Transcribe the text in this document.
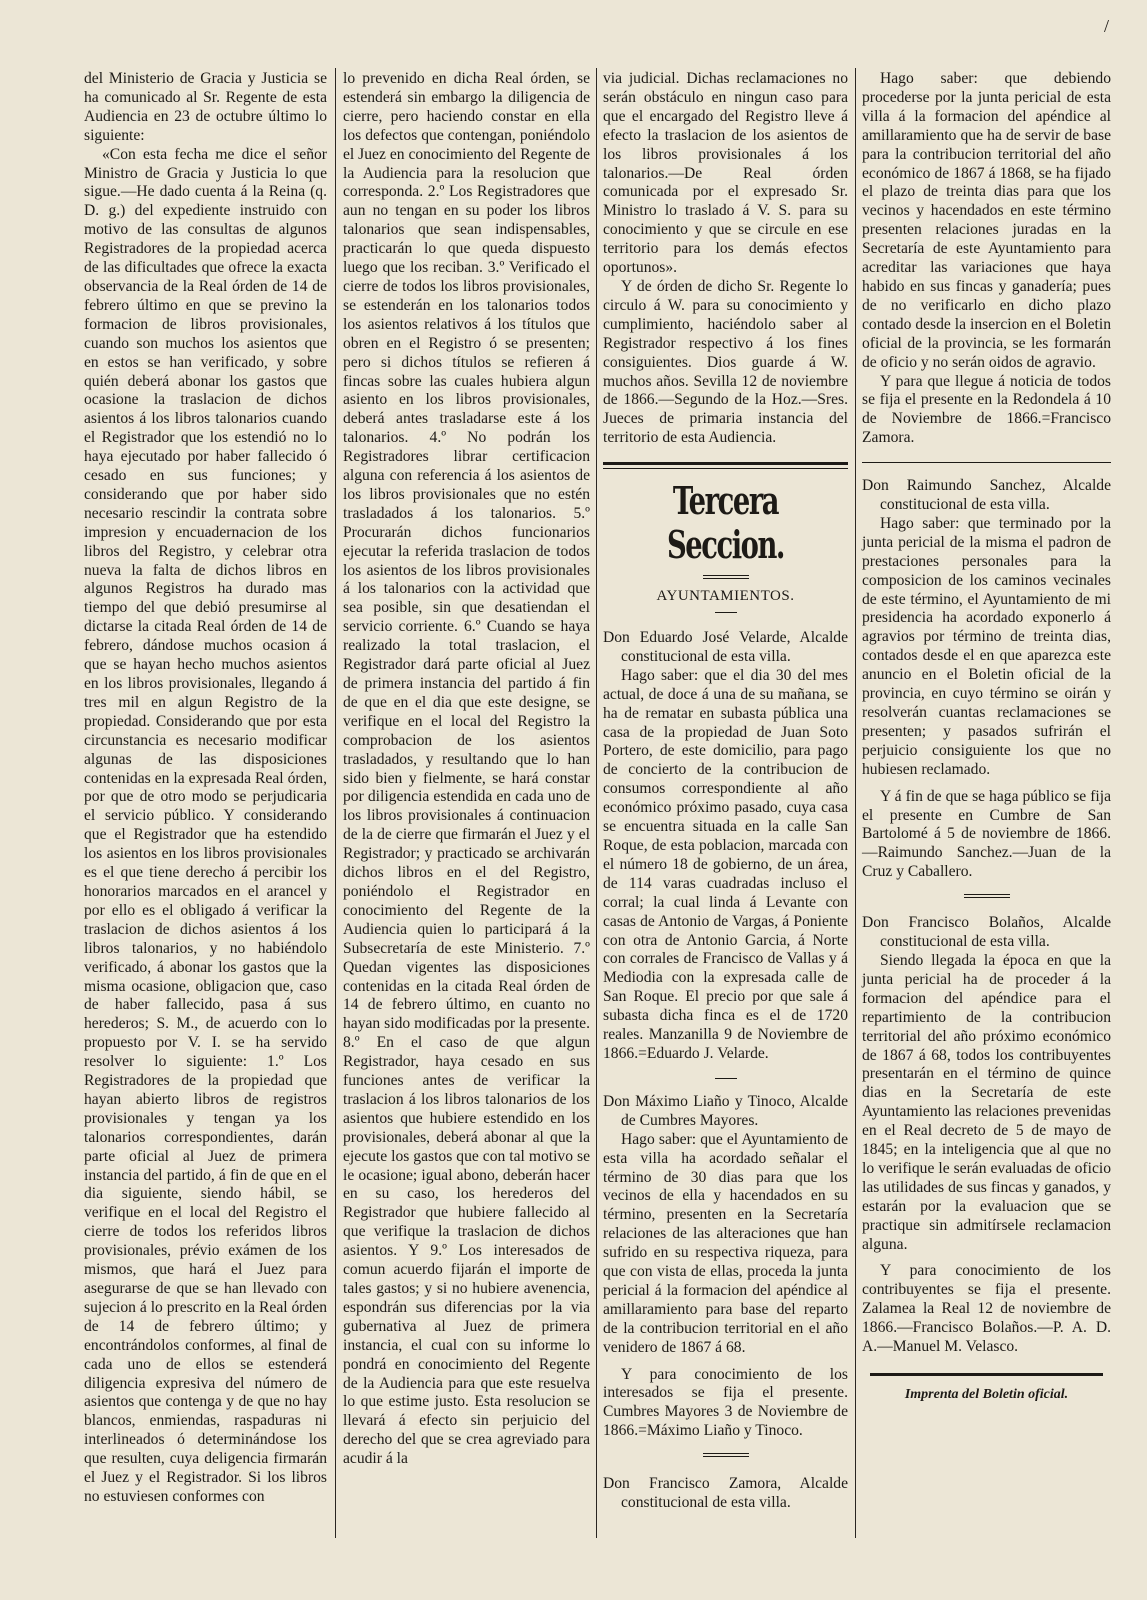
/

del Ministerio de Gracia y Justicia se ha comunicado al Sr. Regente de esta Audiencia en 23 de octubre último lo siguiente:

«Con esta fecha me dice el señor Ministro de Gracia y Justicia lo que sigue.—He dado cuenta á la Reina (q. D. g.) del expediente instruido con motivo de las consultas de algunos Registradores de la propiedad acerca de las dificultades que ofrece la exacta observancia de la Real órden de 14 de febrero último en que se previno la formacion de libros provisionales, cuando son muchos los asientos que en estos se han verificado, y sobre quién deberá abonar los gastos que ocasione la traslacion de dichos asientos á los libros talonarios cuando el Registrador que los estendió no lo haya ejecutado por haber fallecido ó cesado en sus funciones; y considerando que por haber sido necesario rescindir la contrata sobre impresion y encuadernacion de los libros del Registro, y celebrar otra nueva la falta de dichos libros en algunos Registros ha durado mas tiempo del que debió presumirse al dictarse la citada Real órden de 14 de febrero, dándose muchos ocasion á que se hayan hecho muchos asientos en los libros provisionales, llegando á tres mil en algun Registro de la propiedad. Considerando que por esta circunstancia es necesario modificar algunas de las disposiciones contenidas en la expresada Real órden, por que de otro modo se perjudicaria el servicio público. Y considerando que el Registrador que ha estendido los asientos en los libros provisionales es el que tiene derecho á percibir los honorarios marcados en el arancel y por ello es el obligado á verificar la traslacion de dichos asientos á los libros talonarios, y no habiéndolo verificado, á abonar los gastos que la misma ocasione, obligacion que, caso de haber fallecido, pasa á sus herederos; S. M., de acuerdo con lo propuesto por V. I. se ha servido resolver lo siguiente: 1.º Los Registradores de la propiedad que hayan abierto libros de registros provisionales y tengan ya los talonarios correspondientes, darán parte oficial al Juez de primera instancia del partido, á fin de que en el dia siguiente, siendo hábil, se verifique en el local del Registro el cierre de todos los referidos libros provisionales, prévio exámen de los mismos, que hará el Juez para asegurarse de que se han llevado con sujecion á lo prescrito en la Real órden de 14 de febrero último; y encontrándolos conformes, al final de cada uno de ellos se estenderá diligencia expresiva del número de asientos que contenga y de que no hay blancos, enmiendas, raspaduras ni interlineados ó determinándose los que resulten, cuya deligencia firmarán el Juez y el Registrador. Si los libros no estuviesen conformes con

lo prevenido en dicha Real órden, se estenderá sin embargo la diligencia de cierre, pero haciendo constar en ella los defectos que contengan, poniéndolo el Juez en conocimiento del Regente de la Audiencia para la resolucion que corresponda. 2.º Los Registradores que aun no tengan en su poder los libros talonarios que sean indispensables, practicarán lo que queda dispuesto luego que los reciban. 3.º Verificado el cierre de todos los libros provisionales, se estenderán en los talonarios todos los asientos relativos á los títulos que obren en el Registro ó se presenten; pero si dichos títulos se refieren á fincas sobre las cuales hubiera algun asiento en los libros provisionales, deberá antes trasladarse este á los talonarios. 4.º No podrán los Registradores librar certificacion alguna con referencia á los asientos de los libros provisionales que no estén trasladados á los talonarios. 5.º Procurarán dichos funcionarios ejecutar la referida traslacion de todos los asientos de los libros provisionales á los talonarios con la actividad que sea posible, sin que desatiendan el servicio corriente. 6.º Cuando se haya realizado la total traslacion, el Registrador dará parte oficial al Juez de primera instancia del partido á fin de que en el dia que este designe, se verifique en el local del Registro la comprobacion de los asientos trasladados, y resultando que lo han sido bien y fielmente, se hará constar por diligencia estendida en cada uno de los libros provisionales á continuacion de la de cierre que firmarán el Juez y el Registrador; y practicado se archivarán dichos libros en el del Registro, poniéndolo el Registrador en conocimiento del Regente de la Audiencia quien lo participará á la Subsecretaría de este Ministerio. 7.º Quedan vigentes las disposiciones contenidas en la citada Real órden de 14 de febrero último, en cuanto no hayan sido modificadas por la presente. 8.º En el caso de que algun Registrador, haya cesado en sus funciones antes de verificar la traslacion á los libros talonarios de los asientos que hubiere estendido en los provisionales, deberá abonar al que la ejecute los gastos que con tal motivo se le ocasione; igual abono, deberán hacer en su caso, los herederos del Registrador que hubiere fallecido al que verifique la traslacion de dichos asientos. Y 9.º Los interesados de comun acuerdo fijarán el importe de tales gastos; y si no hubiere avenencia, espondrán sus diferencias por la via gubernativa al Juez de primera instancia, el cual con su informe lo pondrá en conocimiento del Regente de la Audiencia para que este resuelva lo que estime justo. Esta resolucion se llevará á efecto sin perjuicio del derecho del que se crea agreviado para acudir á la

via judicial. Dichas reclamaciones no serán obstáculo en ningun caso para que el encargado del Registro lleve á efecto la traslacion de los asientos de los libros provisionales á los talonarios.—De Real órden comunicada por el expresado Sr. Ministro lo traslado á V. S. para su conocimiento y que se circule en ese territorio para los demás efectos oportunos».

Y de órden de dicho Sr. Regente lo circulo á W. para su conocimiento y cumplimiento, haciéndolo saber al Registrador respectivo á los fines consiguientes. Dios guarde á W. muchos años. Sevilla 12 de noviembre de 1866.—Segundo de la Hoz.—Sres. Jueces de primaria instancia del territorio de esta Audiencia.

Tercera Seccion.
AYUNTAMIENTOS.

Don Eduardo José Velarde, Alcalde constitucional de esta villa.

Hago saber: que el dia 30 del mes actual, de doce á una de su mañana, se ha de rematar en subasta pública una casa de la propiedad de Juan Soto Portero, de este domicilio, para pago de concierto de la contribucion de consumos correspondiente al año económico próximo pasado, cuya casa se encuentra situada en la calle San Roque, de esta poblacion, marcada con el número 18 de gobierno, de un área, de 114 varas cuadradas incluso el corral; la cual linda á Levante con casas de Antonio de Vargas, á Poniente con otra de Antonio Garcia, á Norte con corrales de Francisco de Vallas y á Mediodia con la expresada calle de San Roque. El precio por que sale á subasta dicha finca es el de 1720 reales. Manzanilla 9 de Noviembre de 1866.=Eduardo J. Velarde.

Don Máximo Liaño y Tinoco, Alcalde de Cumbres Mayores.

Hago saber: que el Ayuntamiento de esta villa ha acordado señalar el término de 30 dias para que los vecinos de ella y hacendados en su término, presenten en la Secretaría relaciones de las alteraciones que han sufrido en su respectiva riqueza, para que con vista de ellas, proceda la junta pericial á la formacion del apéndice al amillaramiento para base del reparto de la contribucion territorial en el año venidero de 1867 á 68.

Y para conocimiento de los interesados se fija el presente. Cumbres Mayores 3 de Noviembre de 1866.=Máximo Liaño y Tinoco.

Don Francisco Zamora, Alcalde constitucional de esta villa.

Hago saber: que debiendo procederse por la junta pericial de esta villa á la formacion del apéndice al amillaramiento que ha de servir de base para la contribucion territorial del año económico de 1867 á 1868, se ha fijado el plazo de treinta dias para que los vecinos y hacendados en este término presenten relaciones juradas en la Secretaría de este Ayuntamiento para acreditar las variaciones que haya habido en sus fincas y ganadería; pues de no verificarlo en dicho plazo contado desde la insercion en el Boletin oficial de la provincia, se les formarán de oficio y no serán oidos de agravio.

Y para que llegue á noticia de todos se fija el presente en la Redondela á 10 de Noviembre de 1866.=Francisco Zamora.

Don Raimundo Sanchez, Alcalde constitucional de esta villa.

Hago saber: que terminado por la junta pericial de la misma el padron de prestaciones personales para la composicion de los caminos vecinales de este término, el Ayuntamiento de mi presidencia ha acordado exponerlo á agravios por término de treinta dias, contados desde el en que aparezca este anuncio en el Boletin oficial de la provincia, en cuyo término se oirán y resolverán cuantas reclamaciones se presenten; y pasados sufrirán el perjuicio consiguiente los que no hubiesen reclamado.

Y á fin de que se haga público se fija el presente en Cumbre de San Bartolomé á 5 de noviembre de 1866.—Raimundo Sanchez.—Juan de la Cruz y Caballero.

Don Francisco Bolaños, Alcalde constitucional de esta villa.

Siendo llegada la época en que la junta pericial ha de proceder á la formacion del apéndice para el repartimiento de la contribucion territorial del año próximo económico de 1867 á 68, todos los contribuyentes presentarán en el término de quince dias en la Secretaría de este Ayuntamiento las relaciones prevenidas en el Real decreto de 5 de mayo de 1845; en la inteligencia que al que no lo verifique le serán evaluadas de oficio las utilidades de sus fincas y ganados, y estarán por la evaluacion que se practique sin admitírsele reclamacion alguna.

Y para conocimiento de los contribuyentes se fija el presente. Zalamea la Real 12 de noviembre de 1866.—Francisco Bolaños.—P. A. D. A.—Manuel M. Velasco.

Imprenta del Boletin oficial.
